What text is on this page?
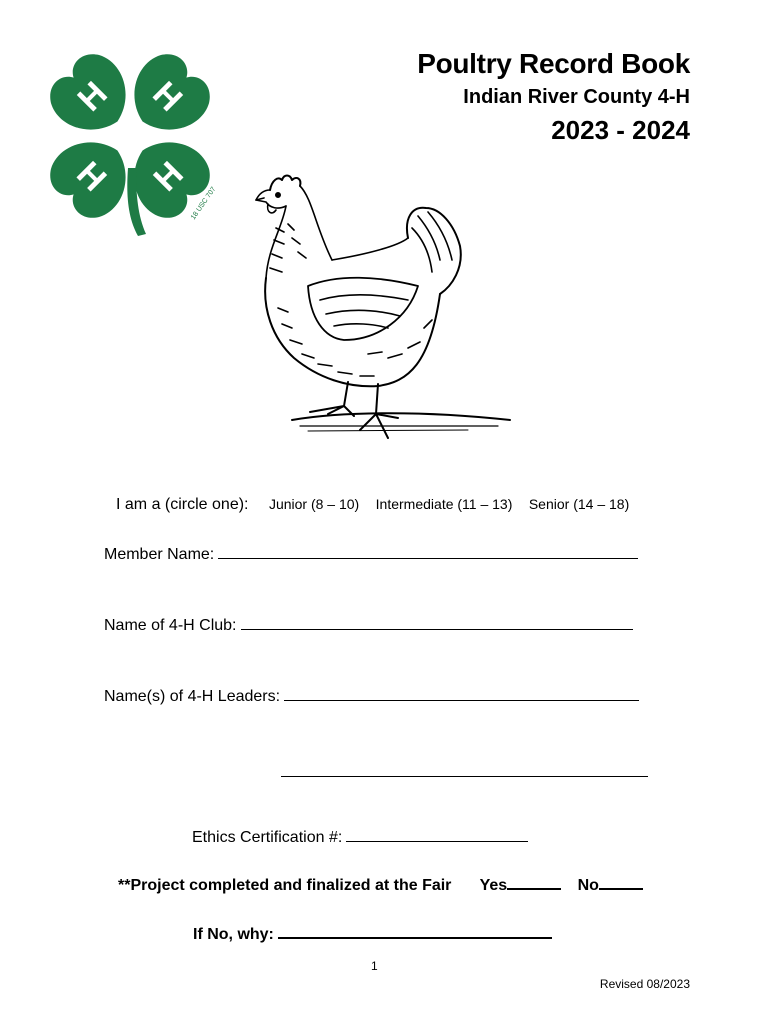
H H
H H
18 USC 707
Poultry Record Book
Indian River County 4-H
2023 - 2024
I am a (circle one): Junior (8 – 10) Intermediate (11 – 13) Senior (14 – 18)
Member Name:
Name of 4-H Club:
Name(s) of 4-H Leaders:
Ethics Certification #:
**Project completed and finalized at the Fair Yes	No
If No, why:
1
Revised 08/2023
